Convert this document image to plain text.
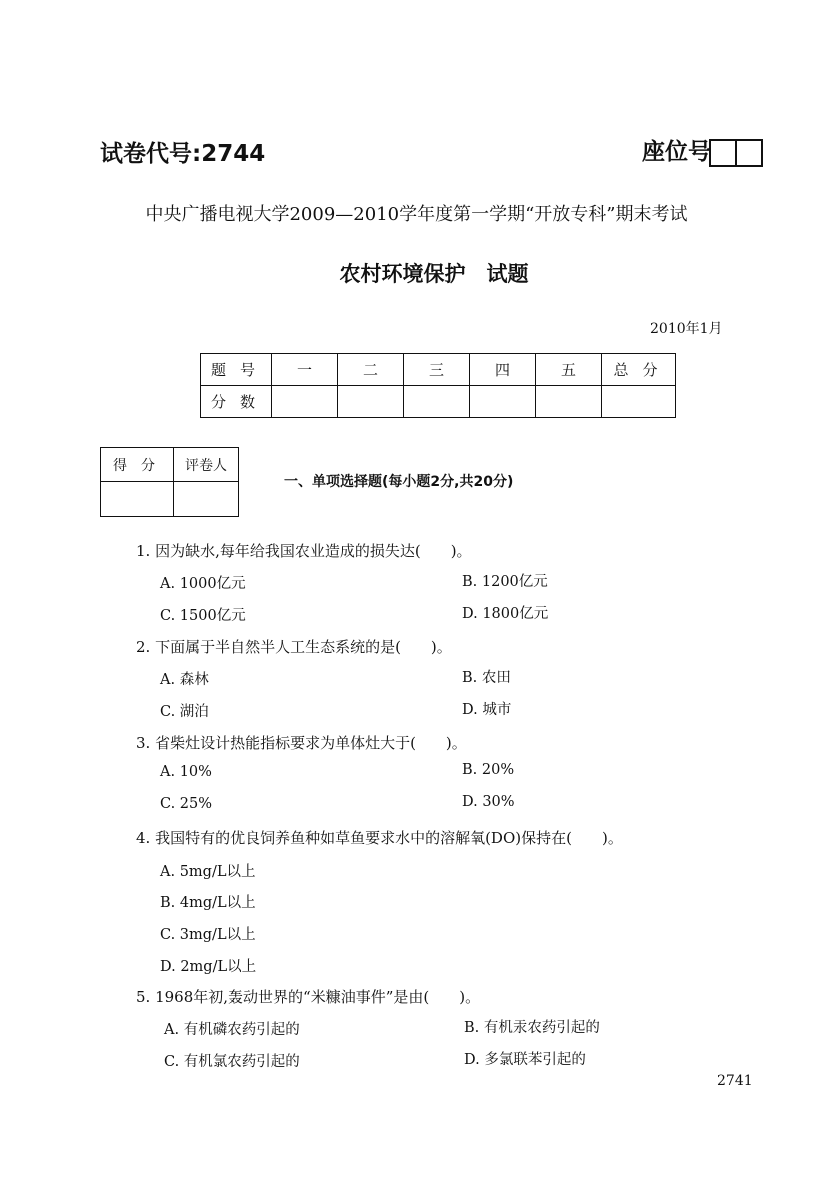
试卷代号:2744	座位号
中央广播电视大学2009—2010学年度第一学期“开放专科”期末考试
农村环境保护　试题
2010年1月
题号	一	二	三	四	五	总分
分数						
得分	评卷人

一、单项选择题(每小题2分,共20分)
1. 因为缺水,每年给我国农业造成的损失达(　　)。
A. 1000亿元	B. 1200亿元
C. 1500亿元	D. 1800亿元
2. 下面属于半自然半人工生态系统的是(　　)。
A. 森林	B. 农田
C. 湖泊	D. 城市
3. 省柴灶设计热能指标要求为单体灶大于(　　)。
A. 10%	B. 20%
C. 25%	D. 30%
4. 我国特有的优良饲养鱼种如草鱼要求水中的溶解氧(DO)保持在(　　)。
A. 5mg/L以上
B. 4mg/L以上
C. 3mg/L以上
D. 2mg/L以上
5. 1968年初,轰动世界的“米糠油事件”是由(　　)。
A. 有机磷农药引起的	B. 有机汞农药引起的
C. 有机氯农药引起的	D. 多氯联苯引起的
2741
